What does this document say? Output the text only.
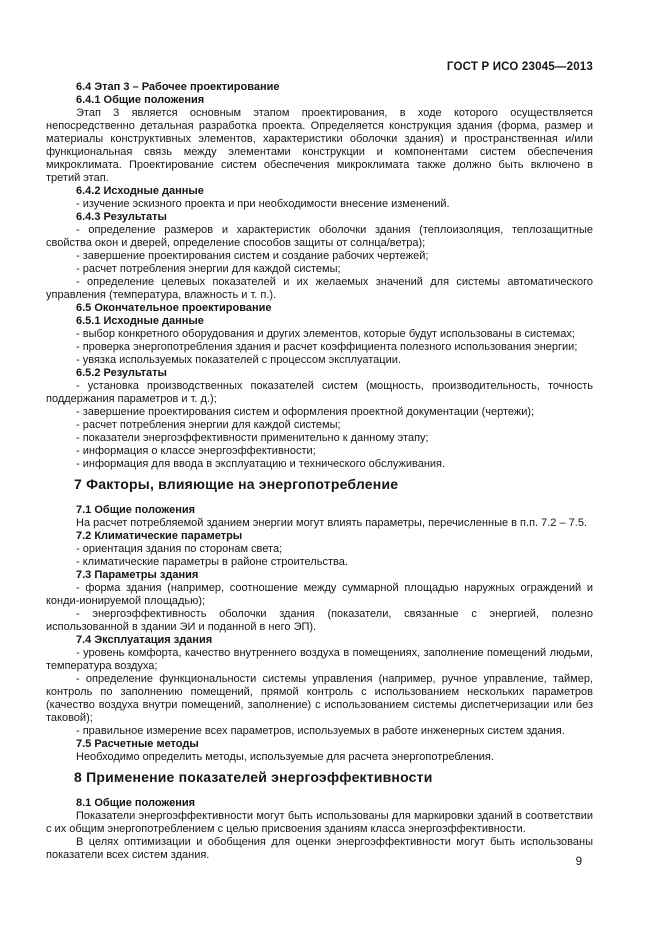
ГОСТ Р ИСО 23045—2013

6.4 Этап 3 – Рабочее проектирование

6.4.1 Общие положения

Этап 3 является основным этапом проектирования, в ходе которого осуществляется непосредственно детальная разработка проекта. Определяется конструкция здания (форма, размер и материалы конструктивных элементов, характеристики оболочки здания) и пространственная и/или функциональная связь между элементами конструкции и компонентами систем обеспечения микроклимата. Проектирование систем обеспечения микроклимата также должно быть включено в третий этап.

6.4.2 Исходные данные

- изучение эскизного проекта и при необходимости внесение изменений.

6.4.3 Результаты

- определение размеров и характеристик оболочки здания (теплоизоляция, теплозащитные свойства окон и дверей, определение способов защиты от солнца/ветра);

- завершение проектирования систем и создание рабочих чертежей;

- расчет потребления энергии для каждой системы;

- определение целевых показателей и их желаемых значений для системы автоматического управления (температура, влажность и т. п.).

6.5 Окончательное проектирование

6.5.1 Исходные данные

- выбор конкретного оборудования и других элементов, которые будут использованы в системах;

- проверка энергопотребления здания и расчет коэффициента полезного использования энергии;

- увязка используемых показателей с процессом эксплуатации.

6.5.2 Результаты

- установка производственных показателей систем (мощность, производительность, точность поддержания параметров и т. д.);

- завершение проектирования систем и оформления проектной документации (чертежи);

- расчет потребления энергии для каждой системы;

- показатели энергоэффективности применительно к данному этапу;

- информация о классе энергоэффективности;

- информация для ввода в эксплуатацию и технического обслуживания.

7 Факторы, влияющие на энергопотребление

7.1 Общие положения

На расчет потребляемой зданием энергии могут влиять параметры, перечисленные в п.п. 7.2 – 7.5.

7.2 Климатические параметры

- ориентация здания по сторонам света;

- климатические параметры в районе строительства.

7.3 Параметры здания

- форма здания (например, соотношение между суммарной площадью наружных ограждений и конди-ионируемой площадью);

- энергоэффективность оболочки здания (показатели, связанные с энергией, полезно использованной в здании ЭИ и поданной в него ЭП).

7.4 Эксплуатация здания

- уровень комфорта, качество внутреннего воздуха в помещениях, заполнение помещений людьми, температура воздуха;

- определение функциональности системы управления (например, ручное управление, таймер, контроль по заполнению помещений, прямой контроль с использованием нескольких параметров (качество воздуха внутри помещений, заполнение) с использованием системы диспетчеризации или без таковой);

- правильное измерение всех параметров, используемых в работе инженерных систем здания.

7.5 Расчетные методы

Необходимо определить методы, используемые для расчета энергопотребления.

8 Применение показателей энергоэффективности

8.1 Общие положения

Показатели энергоэффективности могут быть использованы для маркировки зданий в соответствии с их общим энергопотреблением с целью присвоения зданиям класса энергоэффективности.

В целях оптимизации и обобщения для оценки энергоэффективности могут быть использованы показатели всех систем здания.

9
